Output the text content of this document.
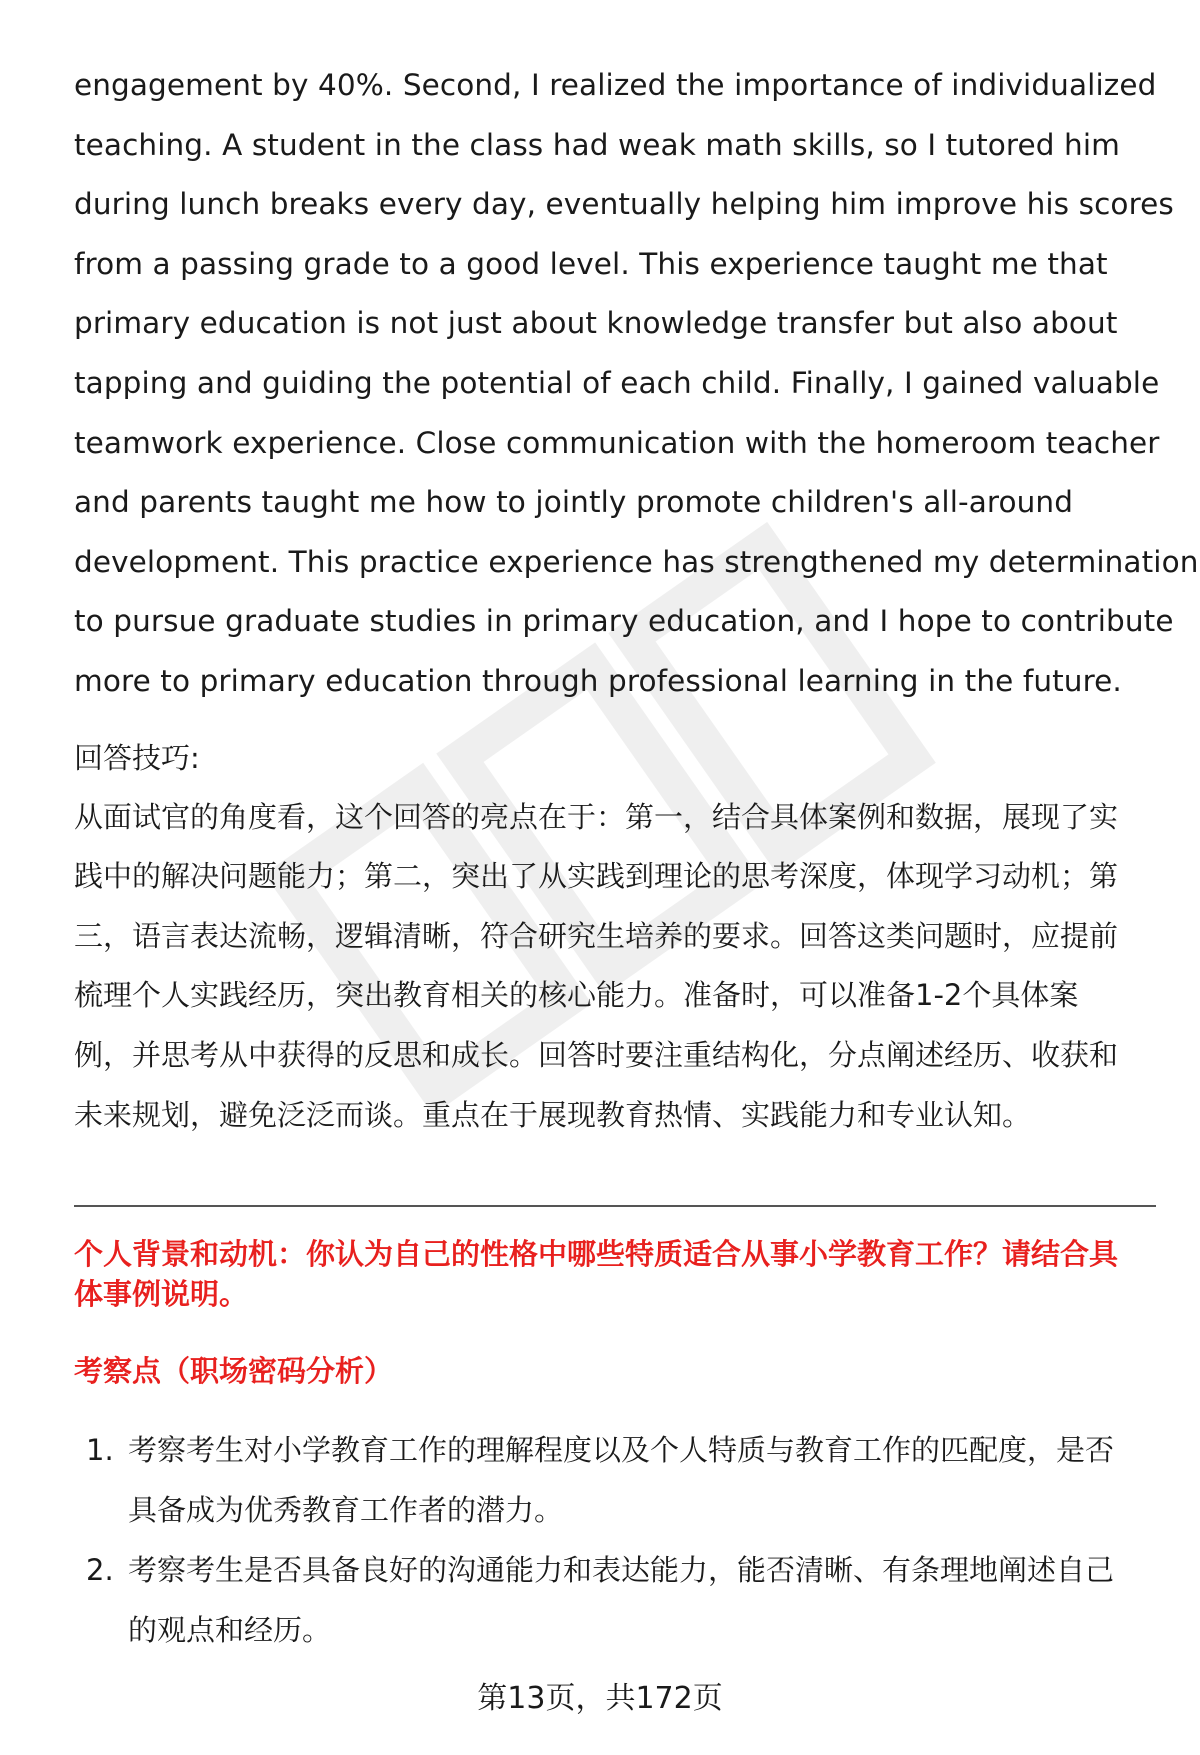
engagement by 40%. Second, I realized the importance of individualized
teaching. A student in the class had weak math skills, so I tutored him
during lunch breaks every day, eventually helping him improve his scores
from a passing grade to a good level. This experience taught me that
primary education is not just about knowledge transfer but also about
tapping and guiding the potential of each child. Finally, I gained valuable
teamwork experience. Close communication with the homeroom teacher
and parents taught me how to jointly promote children's all-around
development. This practice experience has strengthened my determination
to pursue graduate studies in primary education, and I hope to contribute
more to primary education through professional learning in the future.
回答技巧:
从面试官的角度看，这个回答的亮点在于：第一，结合具体案例和数据，展现了实
践中的解决问题能力；第二，突出了从实践到理论的思考深度，体现学习动机；第
三，语言表达流畅，逻辑清晰，符合研究生培养的要求。回答这类问题时，应提前
梳理个人实践经历，突出教育相关的核心能力。准备时，可以准备1-2个具体案
例，并思考从中获得的反思和成长。回答时要注重结构化，分点阐述经历、收获和
未来规划，避免泛泛而谈。重点在于展现教育热情、实践能力和专业认知。
个人背景和动机：你认为自己的性格中哪些特质适合从事小学教育工作？请结合具
体事例说明。
考察点（职场密码分析）
1. 考察考生对小学教育工作的理解程度以及个人特质与教育工作的匹配度，是否
具备成为优秀教育工作者的潜力。
2. 考察考生是否具备良好的沟通能力和表达能力，能否清晰、有条理地阐述自己
的观点和经历。
第13页，共172页
